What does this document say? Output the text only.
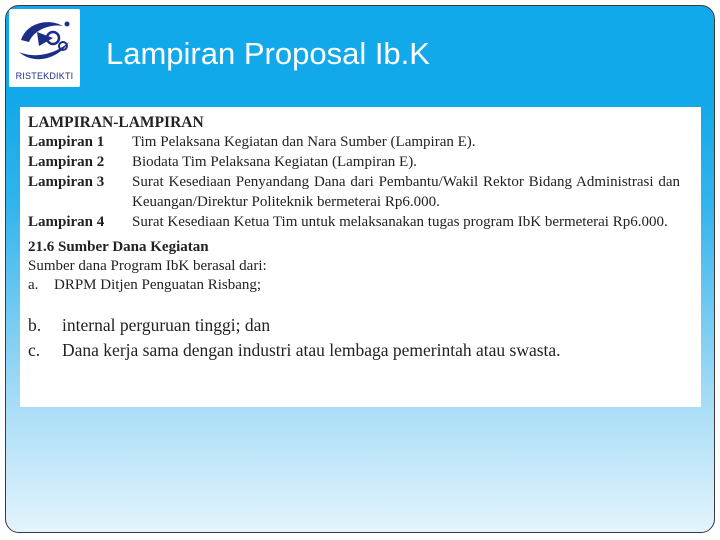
RISTEKDIKTI
Lampiran Proposal Ib.K
LAMPIRAN-LAMPIRAN
Lampiran 1	Tim Pelaksana Kegiatan dan Nara Sumber (Lampiran E).
Lampiran 2	Biodata Tim Pelaksana Kegiatan (Lampiran E).
Lampiran 3	Surat Kesediaan Penyandang Dana dari Pembantu/Wakil Rektor Bidang Administrasi dan Keuangan/Direktur Politeknik bermeterai Rp6.000.
Lampiran 4	Surat Kesediaan Ketua Tim untuk melaksanakan tugas program IbK bermeterai Rp6.000.
21.6 Sumber Dana Kegiatan
Sumber dana Program IbK berasal dari:
a.	DRPM Ditjen Penguatan Risbang;
b.	internal perguruan tinggi; dan
c.	Dana kerja sama dengan industri atau lembaga pemerintah atau swasta.
